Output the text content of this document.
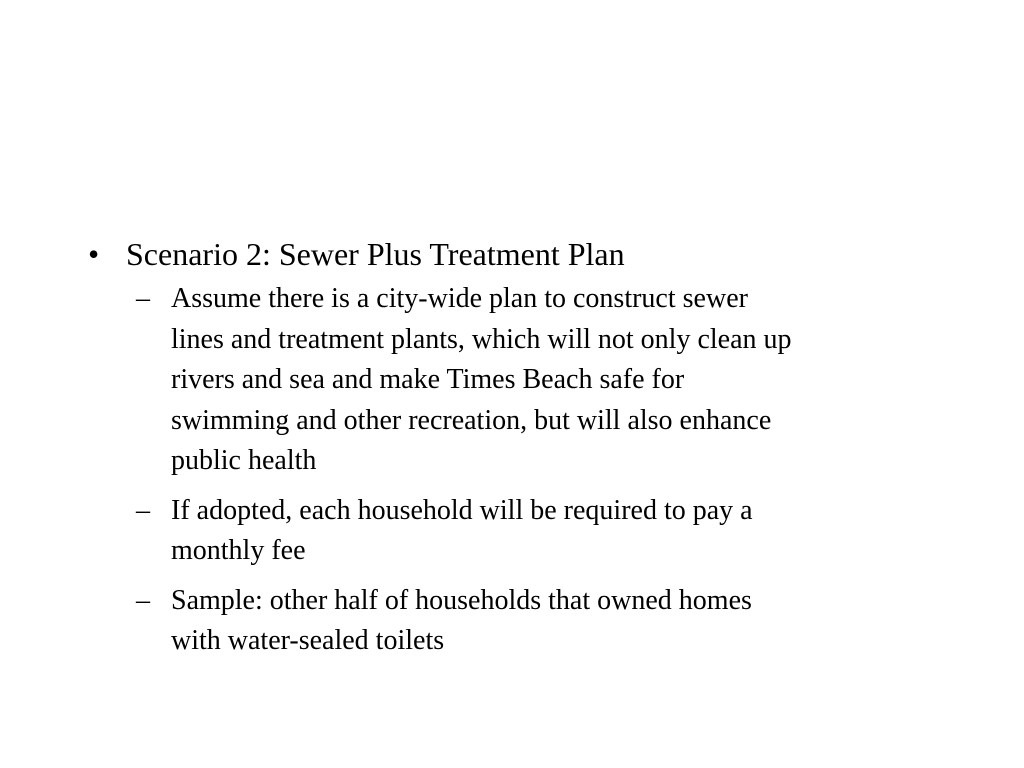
• Scenario 2: Sewer Plus Treatment Plan
– Assume there is a city-wide plan to construct sewer
lines and treatment plants, which will not only clean up
rivers and sea and make Times Beach safe for
swimming and other recreation, but will also enhance
public health
– If adopted, each household will be required to pay a
monthly fee
– Sample: other half of households that owned homes
with water-sealed toilets
